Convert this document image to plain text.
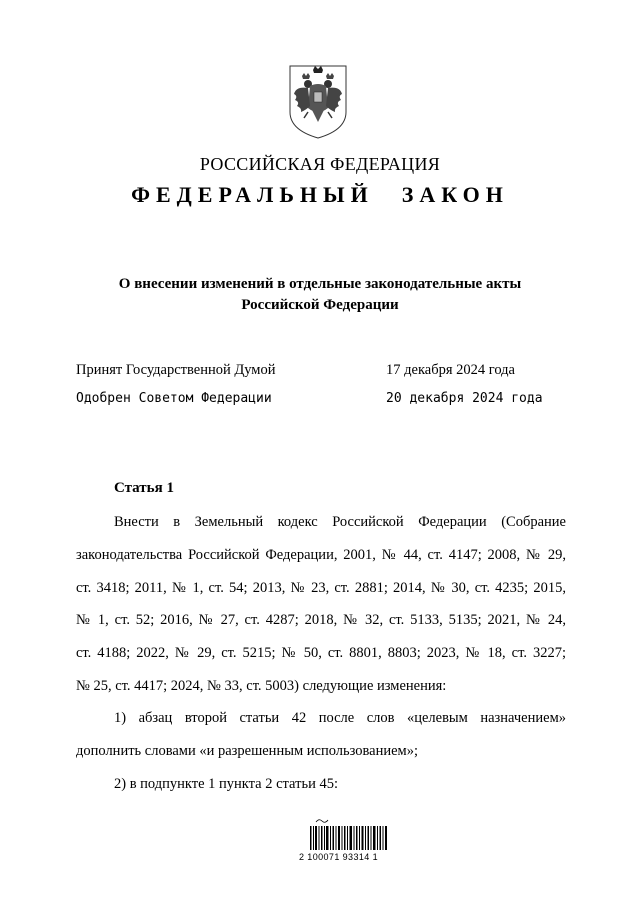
РОССИЙСКАЯ ФЕДЕРАЦИЯ
ФЕДЕРАЛЬНЫЙ ЗАКОН
О внесении изменений в отдельные законодательные акты
Российской Федерации
Принят Государственной Думой	17 декабря 2024 года
Одобрен Советом Федерации	20 декабря 2024 года
Статья 1
Внести в Земельный кодекс Российской Федерации (Собрание
законодательства Российской Федерации, 2001, № 44, ст. 4147; 2008, № 29,
ст. 3418; 2011, № 1, ст. 54; 2013, № 23, ст. 2881; 2014, № 30, ст. 4235; 2015,
№ 1, ст. 52; 2016, № 27, ст. 4287; 2018, № 32, ст. 5133, 5135; 2021, № 24,
ст. 4188; 2022, № 29, ст. 5215; № 50, ст. 8801, 8803; 2023, № 18, ст. 3227;
№ 25, ст. 4417; 2024, № 33, ст. 5003) следующие изменения:
1) абзац второй статьи 42 после слов «целевым назначением»
дополнить словами «и разрешенным использованием»;
2) в подпункте 1 пункта 2 статьи 45:
2 100071 93314 1
